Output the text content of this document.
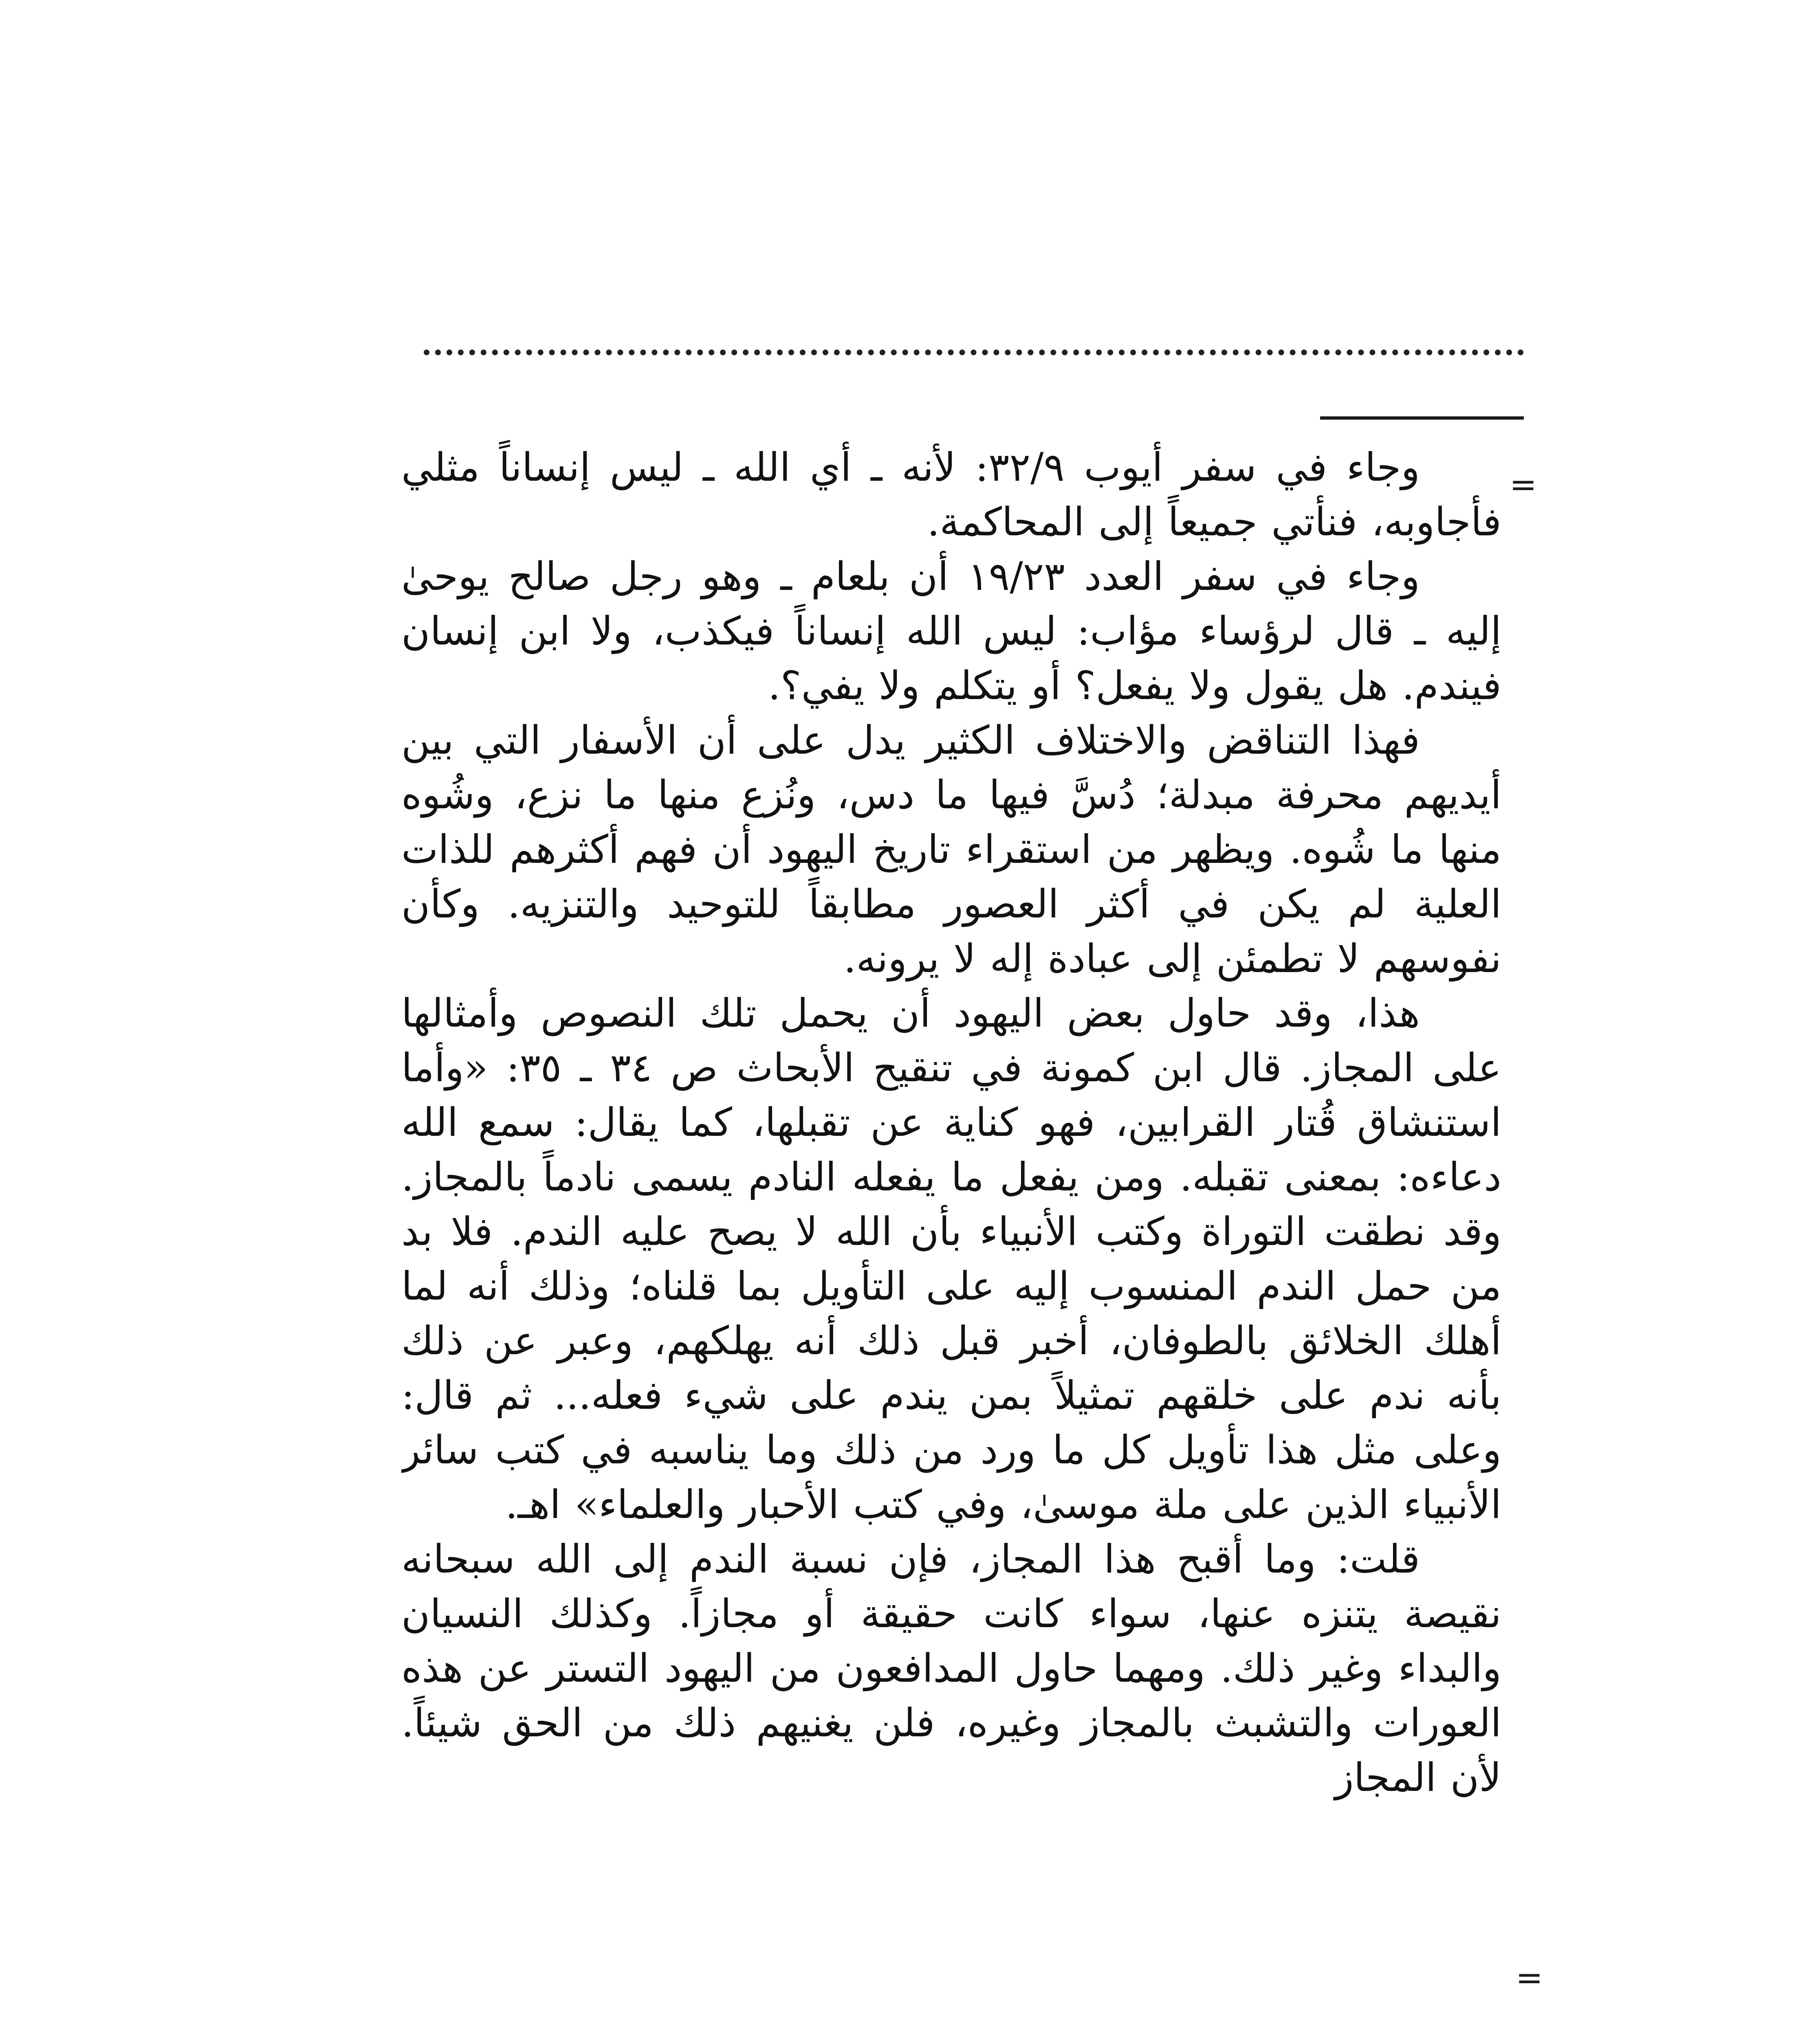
=

وجاء في سفر أيوب ٣٢/٩: لأنه ـ أي الله ـ ليس إنساناً مثلي فأجاوبه، فنأتي جميعاً إلى المحاكمة.

وجاء في سفر العدد ١٩/٢٣ أن بلعام ـ وهو رجل صالح يوحىٰ إليه ـ قال لرؤساء مؤاب: ليس الله إنساناً فيكذب، ولا ابن إنسان فيندم. هل يقول ولا يفعل؟ أو يتكلم ولا يفي؟.

فهذا التناقض والاختلاف الكثير يدل على أن الأسفار التي بين أيديهم محرفة مبدلة؛ دُسَّ فيها ما دس، ونُزع منها ما نزع، وشُوه منها ما شُوه. ويظهر من استقراء تاريخ اليهود أن فهم أكثرهم للذات العلية لم يكن في أكثر العصور مطابقاً للتوحيد والتنزيه. وكأن نفوسهم لا تطمئن إلى عبادة إله لا يرونه.

هذا، وقد حاول بعض اليهود أن يحمل تلك النصوص وأمثالها على المجاز. قال ابن كمونة في تنقيح الأبحاث ص ٣٤ ـ ٣٥: «وأما استنشاق قُتار القرابين، فهو كناية عن تقبلها، كما يقال: سمع الله دعاءه: بمعنى تقبله. ومن يفعل ما يفعله النادم يسمى نادماً بالمجاز. وقد نطقت التوراة وكتب الأنبياء بأن الله لا يصح عليه الندم. فلا بد من حمل الندم المنسوب إليه على التأويل بما قلناه؛ وذلك أنه لما أهلك الخلائق بالطوفان، أخبر قبل ذلك أنه يهلكهم، وعبر عن ذلك بأنه ندم على خلقهم تمثيلاً بمن يندم على شيء فعله... ثم قال: وعلى مثل هذا تأويل كل ما ورد من ذلك وما يناسبه في كتب سائر الأنبياء الذين على ملة موسىٰ، وفي كتب الأحبار والعلماء» اهـ.

قلت: وما أقبح هذا المجاز، فإن نسبة الندم إلى الله سبحانه نقيصة يتنزه عنها، سواء كانت حقيقة أو مجازاً. وكذلك النسيان والبداء وغير ذلك. ومهما حاول المدافعون من اليهود التستر عن هذه العورات والتشبث بالمجاز وغيره، فلن يغنيهم ذلك من الحق شيئاً. لأن المجاز

=
